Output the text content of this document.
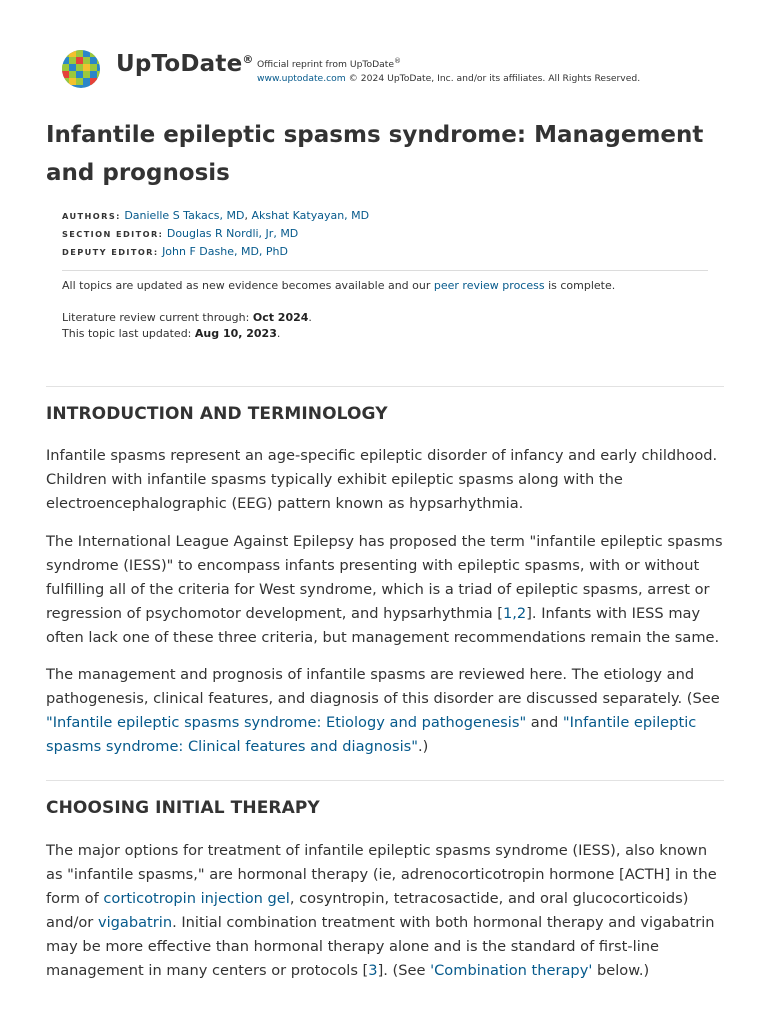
UpToDate® Official reprint from UpToDate®
www.uptodate.com © 2024 UpToDate, Inc. and/or its affiliates. All Rights Reserved.
Infantile epileptic spasms syndrome: Management and prognosis
AUTHORS: Danielle S Takacs, MD, Akshat Katyayan, MD
SECTION EDITOR: Douglas R Nordli, Jr, MD
DEPUTY EDITOR: John F Dashe, MD, PhD
All topics are updated as new evidence becomes available and our peer review process is complete.
Literature review current through: Oct 2024.
This topic last updated: Aug 10, 2023.
INTRODUCTION AND TERMINOLOGY

Infantile spasms represent an age-specific epileptic disorder of infancy and early childhood. Children with infantile spasms typically exhibit epileptic spasms along with the electroencephalographic (EEG) pattern known as hypsarhythmia.

The International League Against Epilepsy has proposed the term "infantile epileptic spasms syndrome (IESS)" to encompass infants presenting with epileptic spasms, with or without fulfilling all of the criteria for West syndrome, which is a triad of epileptic spasms, arrest or regression of psychomotor development, and hypsarhythmia [1,2]. Infants with IESS may often lack one of these three criteria, but management recommendations remain the same.

The management and prognosis of infantile spasms are reviewed here. The etiology and pathogenesis, clinical features, and diagnosis of this disorder are discussed separately. (See "Infantile epileptic spasms syndrome: Etiology and pathogenesis" and "Infantile epileptic spasms syndrome: Clinical features and diagnosis".)

CHOOSING INITIAL THERAPY

The major options for treatment of infantile epileptic spasms syndrome (IESS), also known as "infantile spasms," are hormonal therapy (ie, adrenocorticotropin hormone [ACTH] in the form of corticotropin injection gel, cosyntropin, tetracosactide, and oral glucocorticoids) and/or vigabatrin. Initial combination treatment with both hormonal therapy and vigabatrin may be more effective than hormonal therapy alone and is the standard of first-line management in many centers or protocols [3]. (See 'Combination therapy' below.)
